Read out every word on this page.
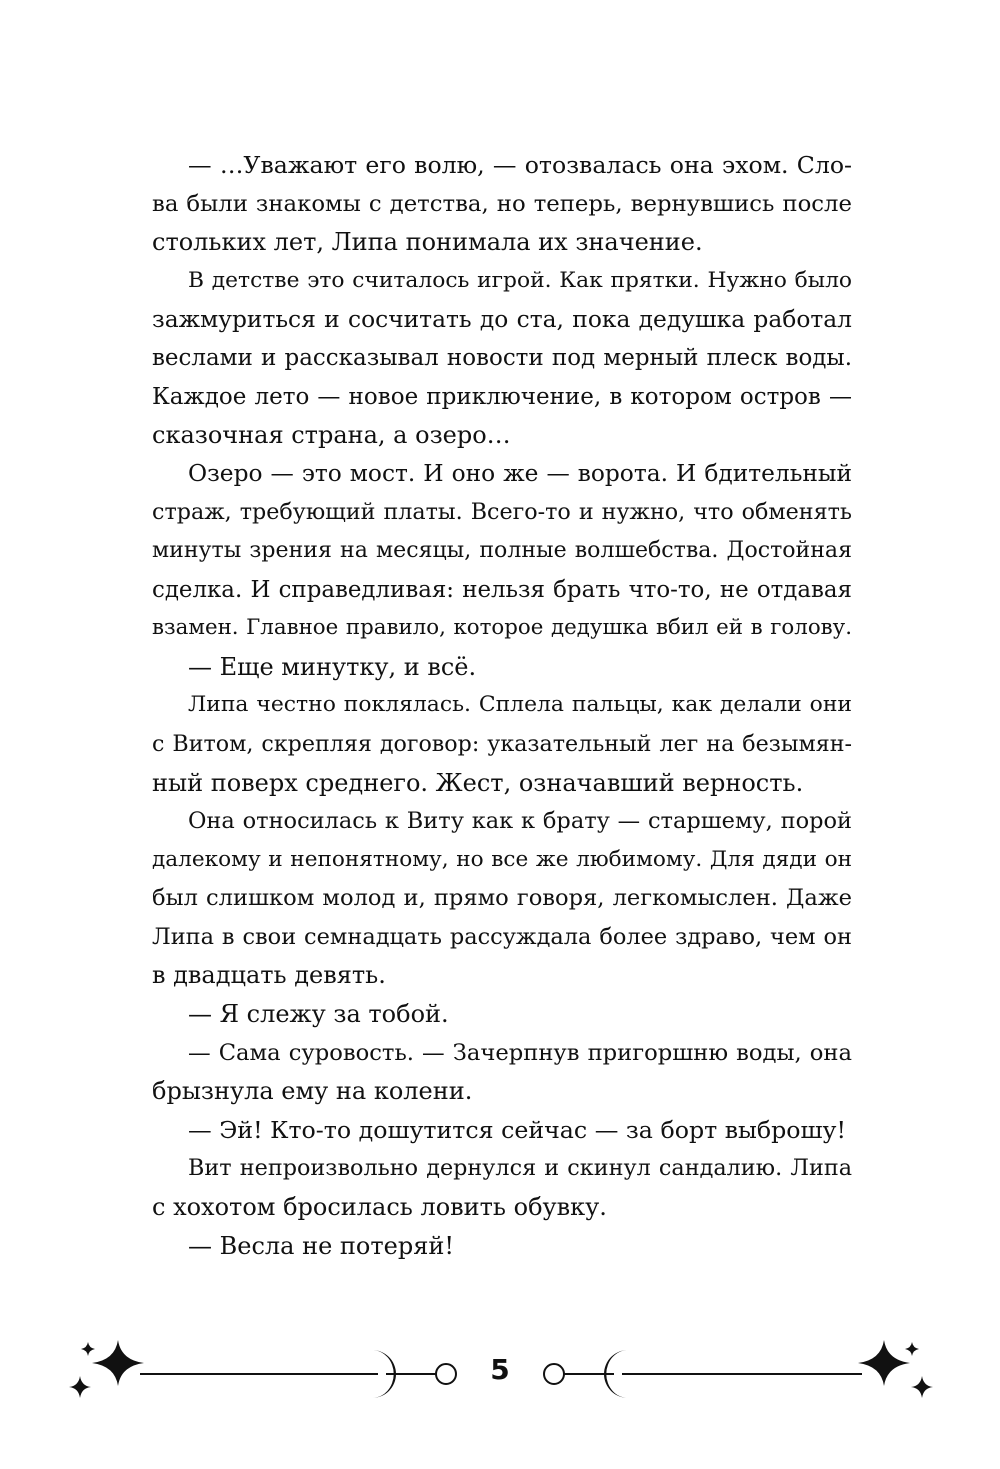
— …Уважают его волю, — отозвалась она эхом. Сло-
ва были знакомы с детства, но теперь, вернувшись после
стольких лет, Липа понимала их значение.
В детстве это считалось игрой. Как прятки. Нужно было
зажмуриться и сосчитать до ста, пока дедушка работал
веслами и рассказывал новости под мерный плеск воды.
Каждое лето — новое приключение, в котором остров —
сказочная страна, а озеро…
Озеро — это мост. И оно же — ворота. И бдительный
страж, требующий платы. Всего-то и нужно, что обменять
минуты зрения на месяцы, полные волшебства. Достойная
сделка. И справедливая: нельзя брать что-то, не отдавая
взамен. Главное правило, которое дедушка вбил ей в голову.
— Еще минутку, и всё.
Липа честно поклялась. Сплела пальцы, как делали они
с Витом, скрепляя договор: указательный лег на безымян-
ный поверх среднего. Жест, означавший верность.
Она относилась к Виту как к брату — старшему, порой
далекому и непонятному, но все же любимому. Для дяди он
был слишком молод и, прямо говоря, легкомыслен. Даже
Липа в свои семнадцать рассуждала более здраво, чем он
в двадцать девять.
— Я слежу за тобой.
— Сама суровость. — Зачерпнув пригоршню воды, она
брызнула ему на колени.
— Эй! Кто-то дошутится сейчас — за борт выброшу!
Вит непроизвольно дернулся и скинул сандалию. Липа
с хохотом бросилась ловить обувку.
— Весла не потеряй!
5
